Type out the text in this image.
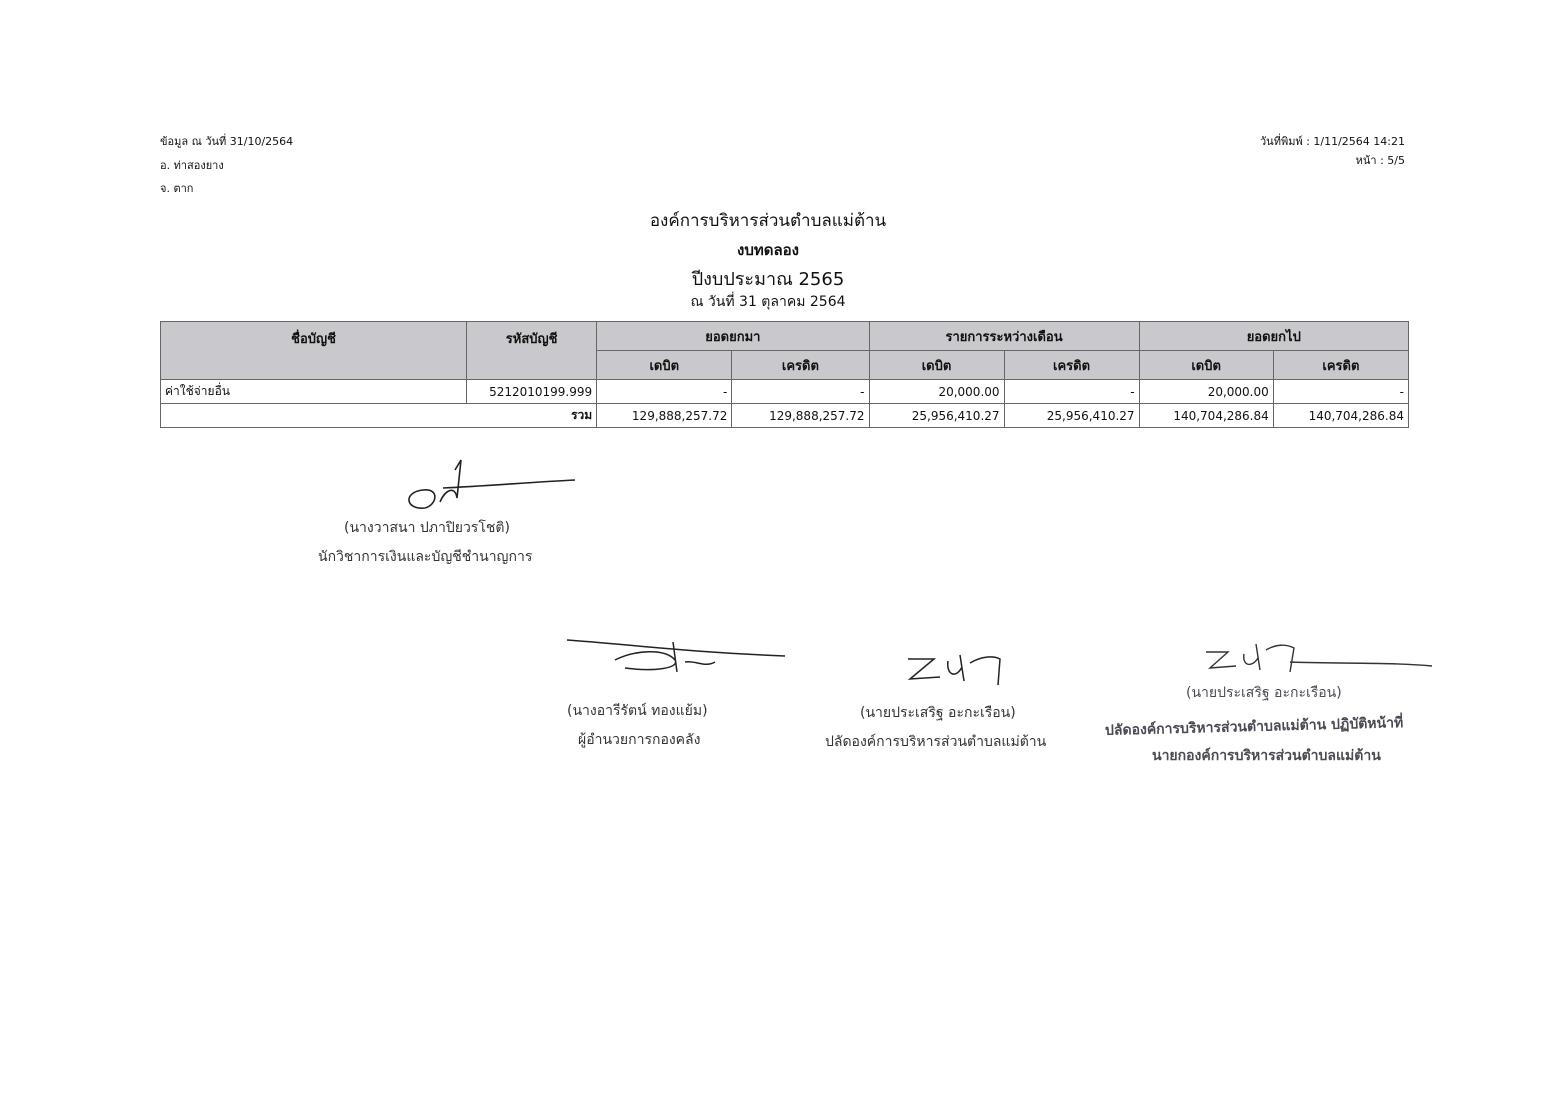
ข้อมูล ณ วันที่ 31/10/2564
อ. ท่าสองยาง
จ. ตาก
วันที่พิมพ์ : 1/11/2564 14:21
หน้า : 5/5
องค์การบริหารส่วนตำบลแม่ต้าน
งบทดลอง
ปีงบประมาณ 2565
ณ วันที่ 31 ตุลาคม 2564
ชื่อบัญชี	รหัสบัญชี	ยอดยกมา		รายการระหว่างเดือน		ยอดยกไป	
		เดบิต	เครดิต	เดบิต	เครดิต	เดบิต	เครดิต
ค่าใช้จ่ายอื่น	5212010199.999	-	-	20,000.00	-	20,000.00	-
รวม		129,888,257.72	129,888,257.72	25,956,410.27	25,956,410.27	140,704,286.84	140,704,286.84
(นางวาสนา ปภาปิยวรโชติ)
นักวิชาการเงินและบัญชีชำนาญการ
(นางอารีรัตน์ ทองแย้ม)
ผู้อำนวยการกองคลัง
(นายประเสริฐ อะกะเรือน)
ปลัดองค์การบริหารส่วนตำบลแม่ต้าน
(นายประเสริฐ อะกะเรือน)
ปลัดองค์การบริหารส่วนตำบลแม่ต้าน ปฏิบัติหน้าที่
นายกองค์การบริหารส่วนตำบลแม่ต้าน
